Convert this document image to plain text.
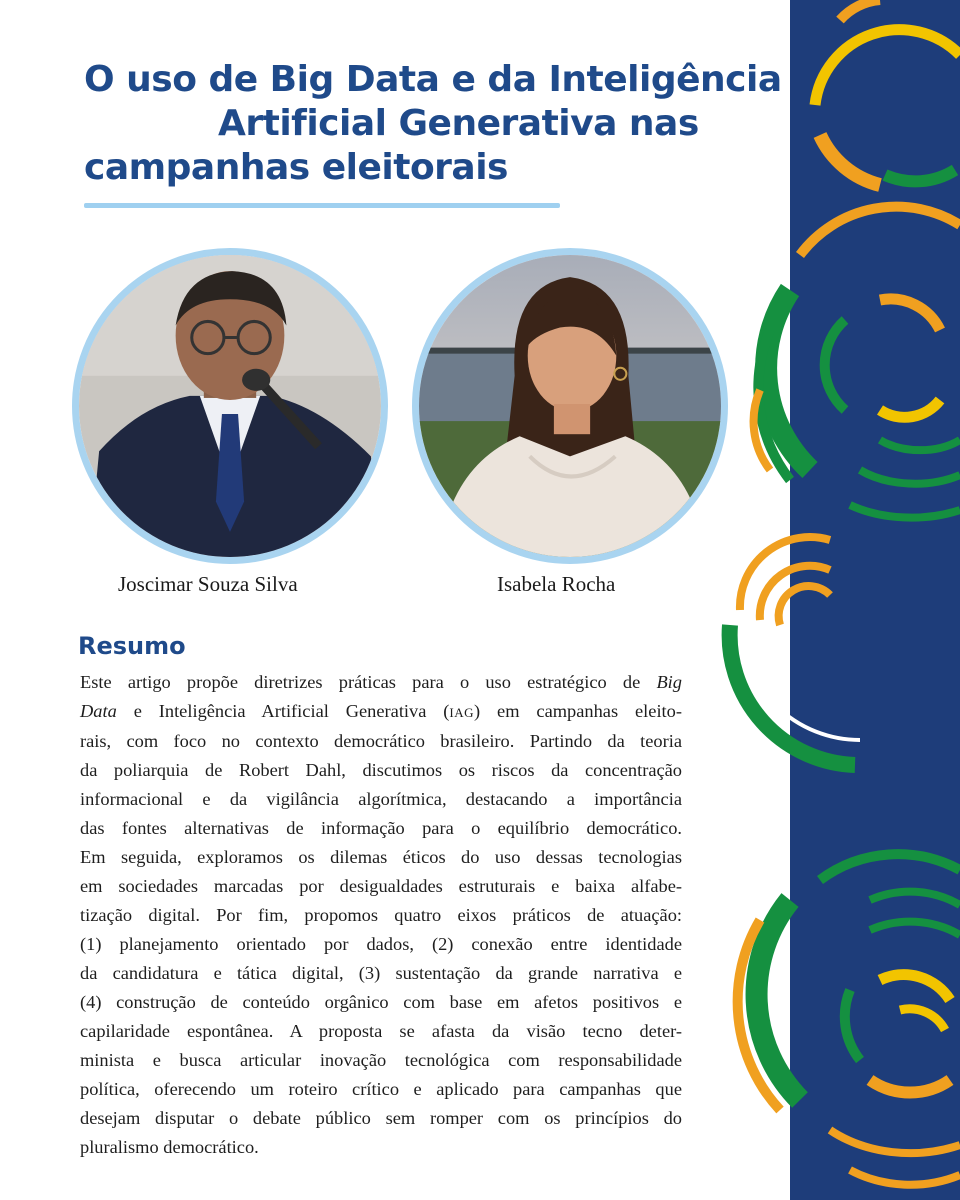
O uso de Big Data e da Inteligência
Artificial Generativa nas
campanhas eleitorais
Joscimar Souza Silva	Isabela Rocha
Resumo

Este artigo propõe diretrizes práticas para o uso estratégico de Big
Data e Inteligência Artificial Generativa (IAG) em campanhas eleito-
rais, com foco no contexto democrático brasileiro. Partindo da teoria
da poliarquia de Robert Dahl, discutimos os riscos da concentração
informacional e da vigilância algorítmica, destacando a importância
das fontes alternativas de informação para o equilíbrio democrático.
Em seguida, exploramos os dilemas éticos do uso dessas tecnologias
em sociedades marcadas por desigualdades estruturais e baixa alfabe-
tização digital. Por fim, propomos quatro eixos práticos de atuação:
(1) planejamento orientado por dados, (2) conexão entre identidade
da candidatura e tática digital, (3) sustentação da grande narrativa e
(4) construção de conteúdo orgânico com base em afetos positivos e
capilaridade espontânea. A proposta se afasta da visão tecno deter-
minista e busca articular inovação tecnológica com responsabilidade
política, oferecendo um roteiro crítico e aplicado para campanhas que
desejam disputar o debate público sem romper com os princípios do
pluralismo democrático.
